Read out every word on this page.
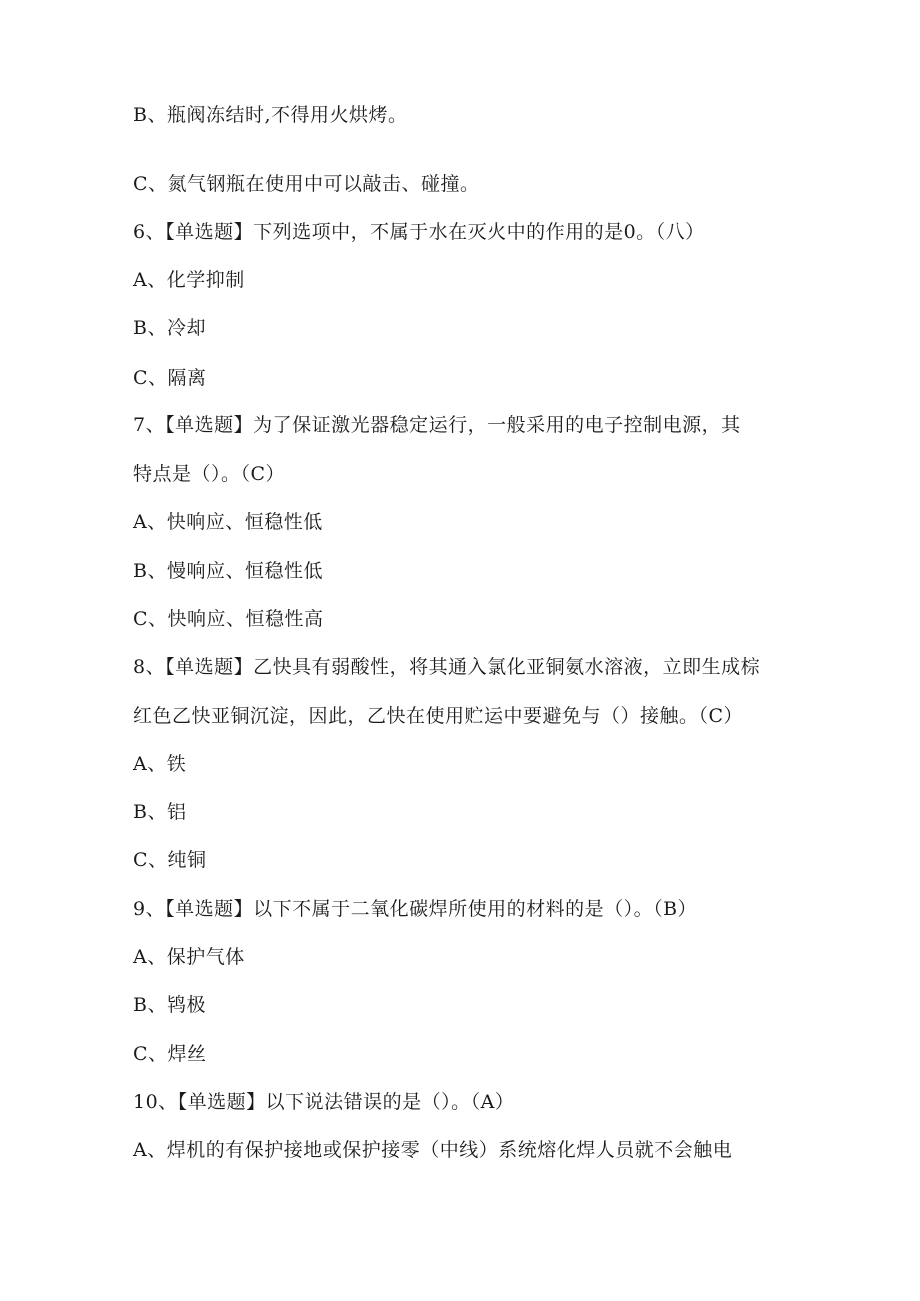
B、瓶阀冻结时,不得用火烘烤。
C、氮气钢瓶在使用中可以敲击、碰撞。
6、【单选题】下列选项中，不属于水在灭火中的作用的是0。（八）
A、化学抑制
B、冷却
C、隔离
7、【单选题】为了保证激光器稳定运行，一般采用的电子控制电源，其
特点是（）。（C）
A、快响应、恒稳性低
B、慢响应、恒稳性低
C、快响应、恒稳性高
8、【单选题】乙快具有弱酸性，将其通入氯化亚铜氨水溶液，立即生成棕
红色乙快亚铜沉淀，因此，乙快在使用贮运中要避免与（）接触。（C）
A、铁
B、铝
C、纯铜
9、【单选题】以下不属于二氧化碳焊所使用的材料的是（）。（B）
A、保护气体
B、鸨极
C、焊丝
10、【单选题】以下说法错误的是（）。（A）
A、焊机的有保护接地或保护接零（中线）系统熔化焊人员就不会触电
